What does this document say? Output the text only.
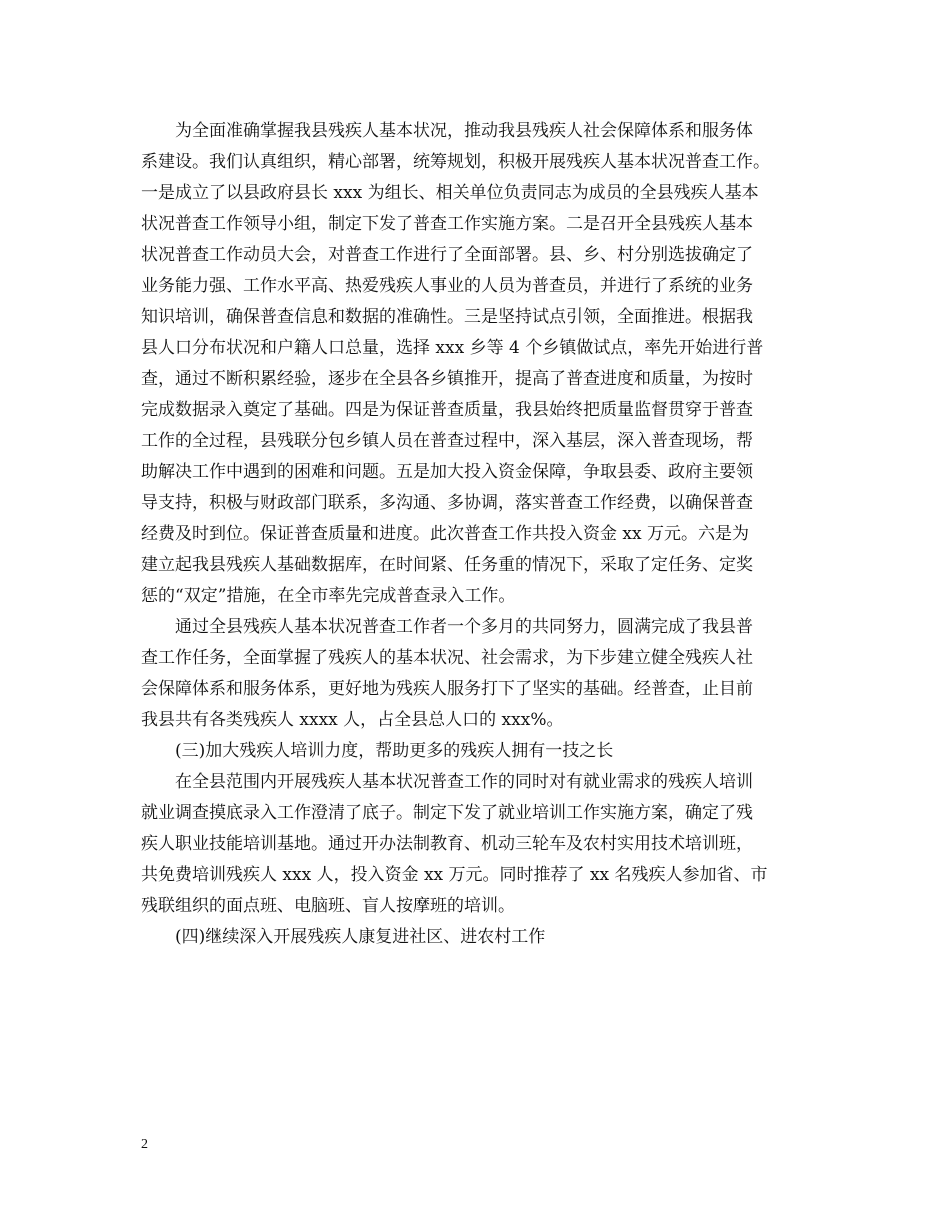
为全面准确掌握我县残疾人基本状况，推动我县残疾人社会保障体系和服务体

系建设。我们认真组织，精心部署，统筹规划，积极开展残疾人基本状况普查工作。

一是成立了以县政府县长 xxx 为组长、相关单位负责同志为成员的全县残疾人基本

状况普查工作领导小组，制定下发了普查工作实施方案。二是召开全县残疾人基本

状况普查工作动员大会，对普查工作进行了全面部署。县、乡、村分别选拔确定了

业务能力强、工作水平高、热爱残疾人事业的人员为普查员，并进行了系统的业务

知识培训，确保普查信息和数据的准确性。三是坚持试点引领，全面推进。根据我

县人口分布状况和户籍人口总量，选择 xxx 乡等 4 个乡镇做试点，率先开始进行普

查，通过不断积累经验，逐步在全县各乡镇推开，提高了普查进度和质量，为按时

完成数据录入奠定了基础。四是为保证普查质量，我县始终把质量监督贯穿于普查

工作的全过程，县残联分包乡镇人员在普查过程中，深入基层，深入普查现场，帮

助解决工作中遇到的困难和问题。五是加大投入资金保障，争取县委、政府主要领

导支持，积极与财政部门联系，多沟通、多协调，落实普查工作经费，以确保普查

经费及时到位。保证普查质量和进度。此次普查工作共投入资金 xx 万元。六是为

建立起我县残疾人基础数据库，在时间紧、任务重的情况下，采取了定任务、定奖

惩的“双定”措施，在全市率先完成普查录入工作。

通过全县残疾人基本状况普查工作者一个多月的共同努力，圆满完成了我县普

查工作任务，全面掌握了残疾人的基本状况、社会需求，为下步建立健全残疾人社

会保障体系和服务体系，更好地为残疾人服务打下了坚实的基础。经普查，止目前

我县共有各类残疾人 xxxx 人，占全县总人口的 xxx%。

(三)加大残疾人培训力度，帮助更多的残疾人拥有一技之长

在全县范围内开展残疾人基本状况普查工作的同时对有就业需求的残疾人培训

就业调查摸底录入工作澄清了底子。制定下发了就业培训工作实施方案，确定了残

疾人职业技能培训基地。通过开办法制教育、机动三轮车及农村实用技术培训班，

共免费培训残疾人 xxx 人，投入资金 xx 万元。同时推荐了 xx 名残疾人参加省、市

残联组织的面点班、电脑班、盲人按摩班的培训。

(四)继续深入开展残疾人康复进社区、进农村工作

2
